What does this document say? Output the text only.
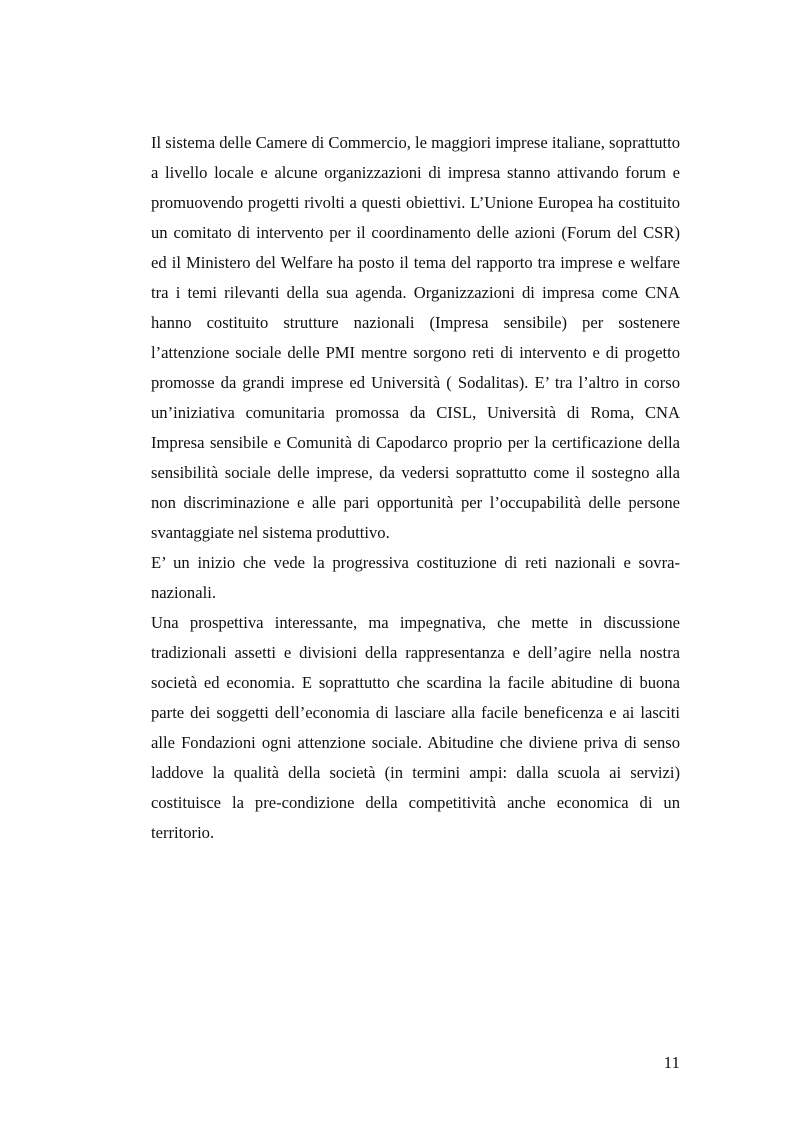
Il sistema delle Camere di Commercio, le maggiori imprese italiane, soprattutto a livello locale e alcune organizzazioni di impresa stanno attivando forum e promuovendo progetti rivolti a questi obiettivi. L’Unione Europea ha costituito un comitato di intervento per il coordinamento delle azioni (Forum del CSR) ed il Ministero del Welfare ha posto il tema del rapporto tra imprese e welfare tra i temi rilevanti della sua agenda. Organizzazioni di impresa come CNA hanno costituito strutture nazionali (Impresa sensibile) per sostenere l’attenzione sociale delle PMI mentre sorgono reti di intervento e di progetto promosse da grandi imprese ed Università ( Sodalitas). E’ tra l’altro in corso un’iniziativa comunitaria promossa da CISL, Università di Roma, CNA Impresa sensibile e Comunità di Capodarco proprio per la certificazione della sensibilità sociale delle imprese, da vedersi soprattutto come il sostegno alla non discriminazione e alle pari opportunità per l’occupabilità delle persone svantaggiate nel sistema produttivo.

E’ un inizio che vede la progressiva costituzione di reti nazionali e sovra-nazionali.

Una prospettiva interessante, ma impegnativa, che mette in discussione tradizionali assetti e divisioni della rappresentanza e dell’agire nella nostra società ed economia. E soprattutto che scardina la facile abitudine di buona parte dei soggetti dell’economia di lasciare alla facile beneficenza e ai lasciti alle Fondazioni ogni attenzione sociale. Abitudine che diviene priva di senso laddove la qualità della società (in termini ampi: dalla scuola ai servizi) costituisce la pre-condizione della competitività anche economica di un territorio.

11
